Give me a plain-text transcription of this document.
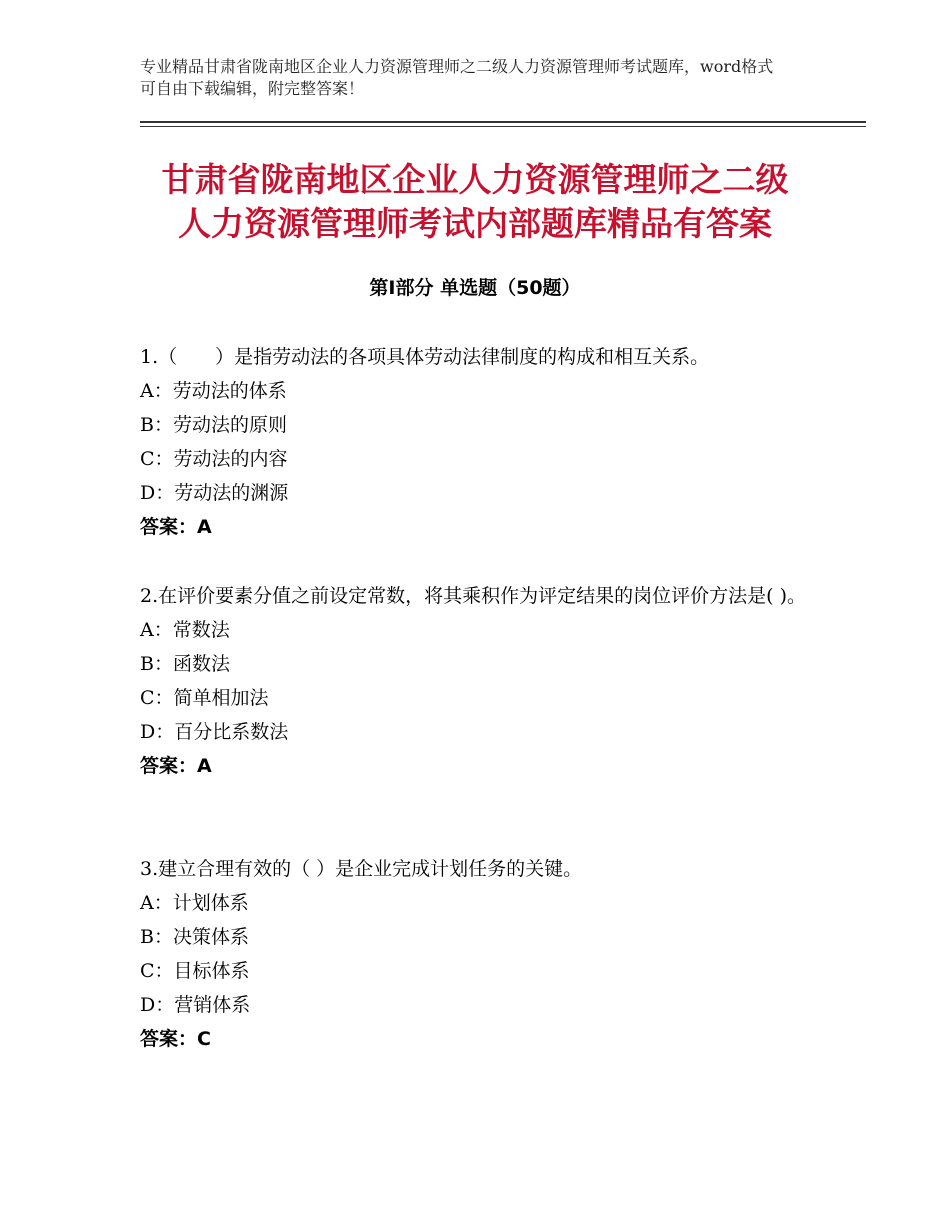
专业精品甘肃省陇南地区企业人力资源管理师之二级人力资源管理师考试题库，word格式可自由下载编辑，附完整答案！
甘肃省陇南地区企业人力资源管理师之二级
人力资源管理师考试内部题库精品有答案
第Ⅰ部分 单选题（50题）
1.（　　）是指劳动法的各项具体劳动法律制度的构成和相互关系。
A：劳动法的体系
B：劳动法的原则
C：劳动法的内容
D：劳动法的渊源
答案：A
2.在评价要素分值之前设定常数，将其乘积作为评定结果的岗位评价方法是( )。
A：常数法
B：函数法
C：简单相加法
D：百分比系数法
答案：A
3.建立合理有效的（ ）是企业完成计划任务的关键。
A：计划体系
B：决策体系
C：目标体系
D：营销体系
答案：C
